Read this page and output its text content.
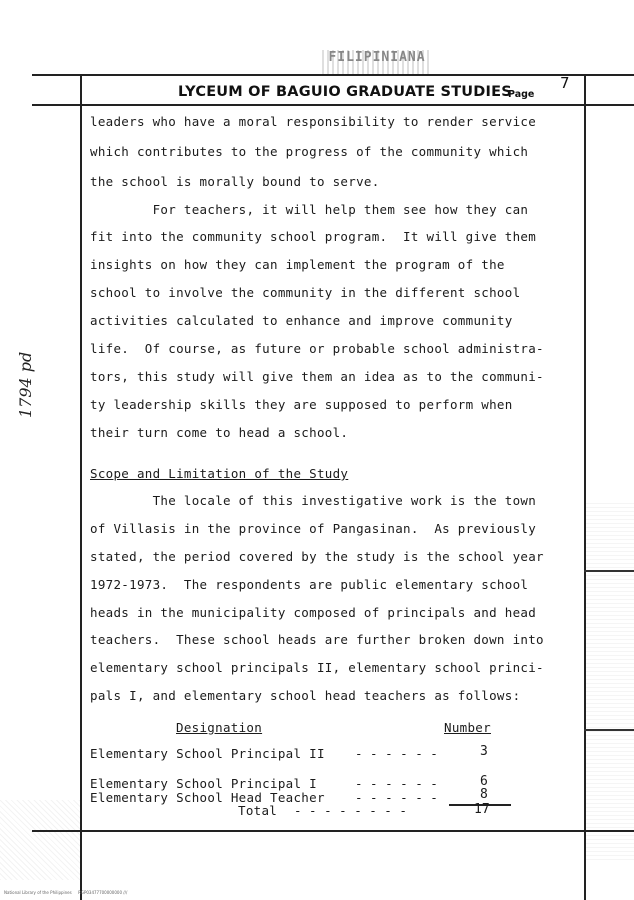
FILIPINIANA
LYCEUM OF BAGUIO GRADUATE STUDIES
Page
7
1794 pd
leaders who have a moral responsibility to render service
which contributes to the progress of the community which
the school is morally bound to serve.
For teachers, it will help them see how they can
fit into the community school program.  It will give them
insights on how they can implement the program of the
school to involve the community in the different school
activities calculated to enhance and improve community
life.  Of course, as future or probable school administra-
tors, this study will give them an idea as to the communi-
ty leadership skills they are supposed to perform when
their turn come to head a school.
Scope and Limitation of the Study
The locale of this investigative work is the town
of Villasis in the province of Pangasinan.  As previously
stated, the period covered by the study is the school year
1972-1973.  The respondents are public elementary school
heads in the municipality composed of principals and head
teachers.  These school heads are further broken down into
elementary school principals II, elementary school princi-
pals I, and elementary school head teachers as follows:
Designation	Number
Elementary School Principal II - - - - - -	3
Elementary School Principal I	- - - - - -	6
Elementary School Head Teacher - - - - - -	8
Total - - - - - - - -	17
National Library of the Philippines     RGP03477700000000 ///
